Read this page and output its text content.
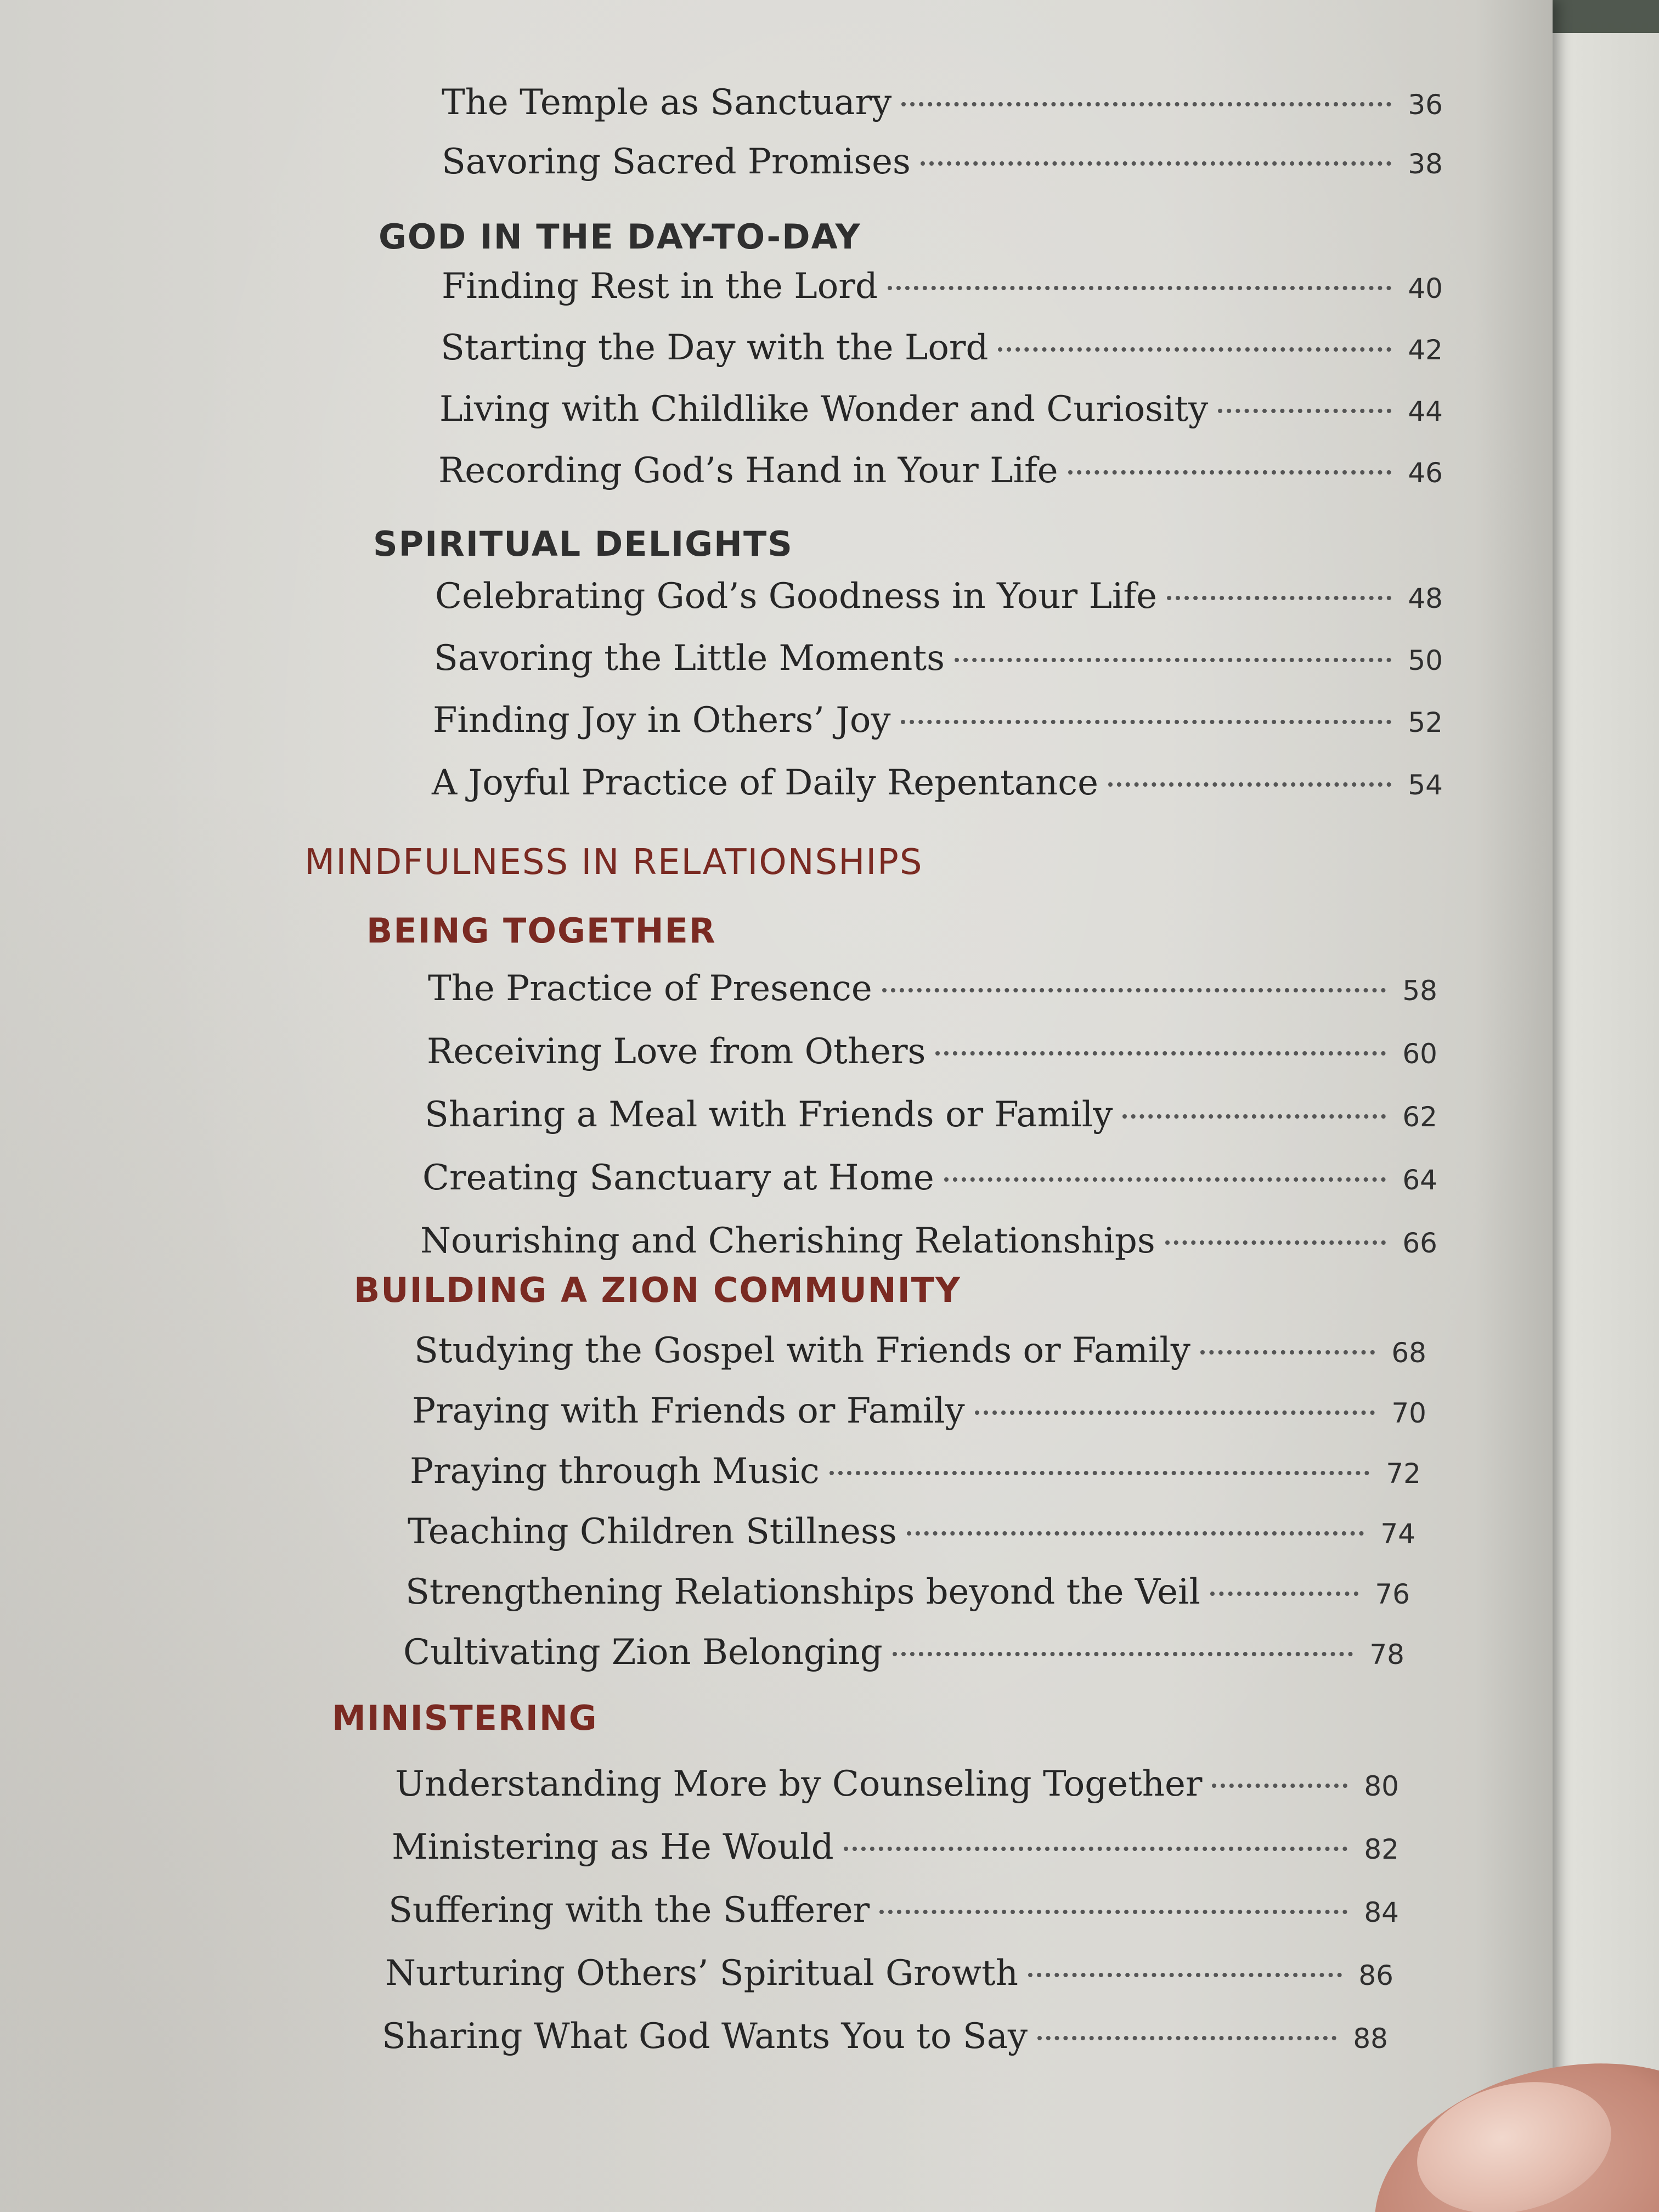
The Temple as Sanctuary	36
Savoring Sacred Promises	38
GOD IN THE DAY-TO-DAY
Finding Rest in the Lord	40
Starting the Day with the Lord	42
Living with Childlike Wonder and Curiosity	44
Recording God’s Hand in Your Life	46
SPIRITUAL DELIGHTS
Celebrating God’s Goodness in Your Life	48
Savoring the Little Moments	50
Finding Joy in Others’ Joy	52
A Joyful Practice of Daily Repentance	54
MINDFULNESS IN RELATIONSHIPS
BEING TOGETHER
The Practice of Presence	58
Receiving Love from Others	60
Sharing a Meal with Friends or Family	62
Creating Sanctuary at Home	64
Nourishing and Cherishing Relationships	66
BUILDING A ZION COMMUNITY
Studying the Gospel with Friends or Family	68
Praying with Friends or Family	70
Praying through Music	72
Teaching Children Stillness	74
Strengthening Relationships beyond the Veil	76
Cultivating Zion Belonging	78
MINISTERING
Understanding More by Counseling Together	80
Ministering as He Would	82
Suffering with the Sufferer	84
Nurturing Others’ Spiritual Growth	86
Sharing What God Wants You to Say	88
